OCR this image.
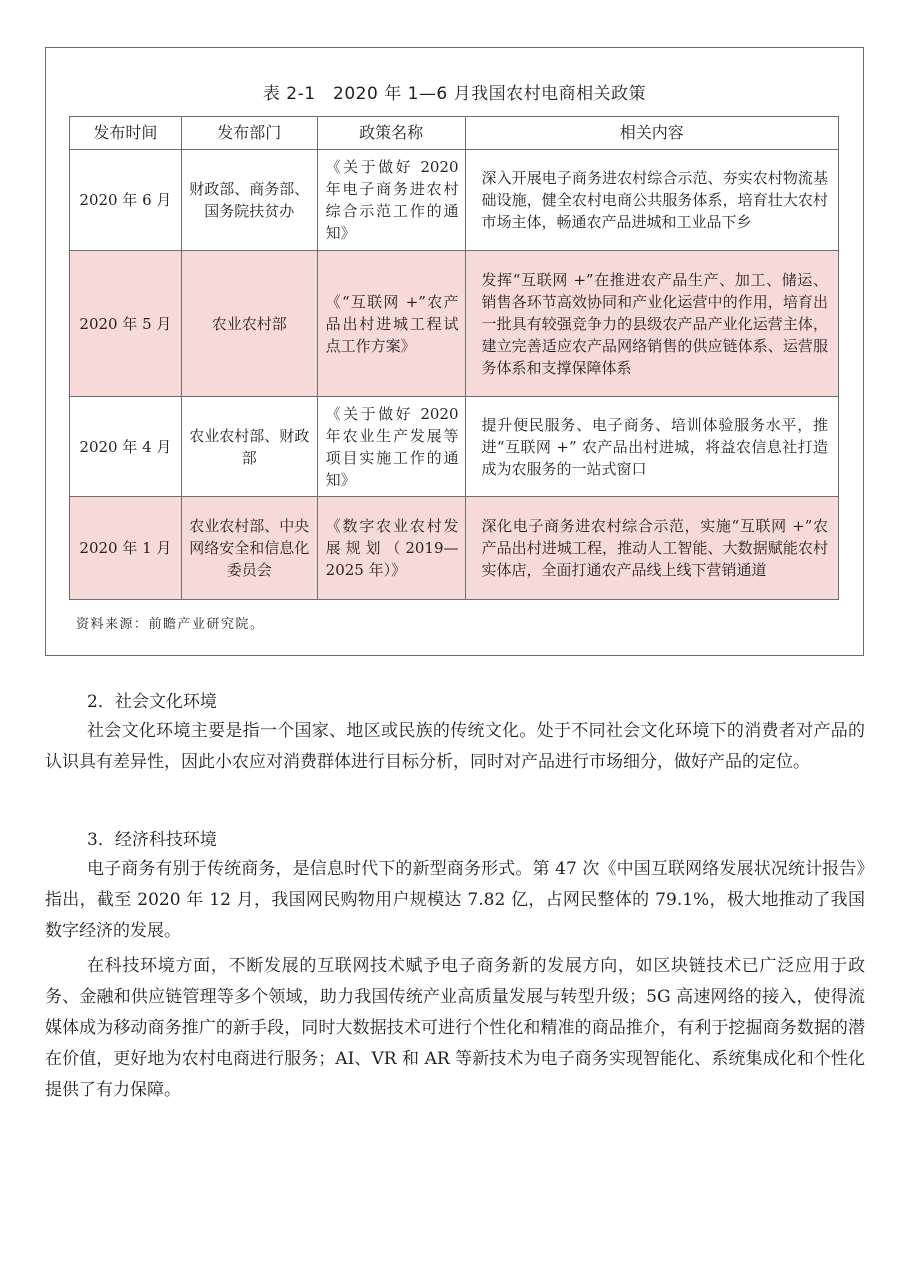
表 2-1　2020 年 1—6 月我国农村电商相关政策
发布时间	发布部门	政策名称	相关内容
2020 年 6 月	财政部、商务部、国务院扶贫办	《关于做好 2020 年电子商务进农村综合示范工作的通知》	深入开展电子商务进农村综合示范、夯实农村物流基础设施，健全农村电商公共服务体系，培育壮大农村市场主体，畅通农产品进城和工业品下乡
2020 年 5 月	农业农村部	《“互联网 +”农产品出村进城工程试点工作方案》	发挥“互联网 +”在推进农产品生产、加工、储运、销售各环节高效协同和产业化运营中的作用，培育出一批具有较强竞争力的县级农产品产业化运营主体，建立完善适应农产品网络销售的供应链体系、运营服务体系和支撑保障体系
2020 年 4 月	农业农村部、财政部	《关于做好 2020 年农业生产发展等项目实施工作的通知》	提升便民服务、电子商务、培训体验服务水平，推进“互联网 +” 农产品出村进城，将益农信息社打造成为农服务的一站式窗口
2020 年 1 月	农业农村部、中央网络安全和信息化委员会	《数字农业农村发展规划（2019—2025 年）》	深化电子商务进农村综合示范，实施“互联网 +”农产品出村进城工程，推动人工智能、大数据赋能农村实体店，全面打通农产品线上线下营销通道
资料来源：前瞻产业研究院。
2．社会文化环境

社会文化环境主要是指一个国家、地区或民族的传统文化。处于不同社会文化环境下的消费者对产品的认识具有差异性，因此小农应对消费群体进行目标分析，同时对产品进行市场细分，做好产品的定位。

3．经济科技环境

电子商务有别于传统商务，是信息时代下的新型商务形式。第 47 次《中国互联网络发展状况统计报告》指出，截至 2020 年 12 月，我国网民购物用户规模达 7.82 亿，占网民整体的 79.1%，极大地推动了我国数字经济的发展。

在科技环境方面，不断发展的互联网技术赋予电子商务新的发展方向，如区块链技术已广泛应用于政务、金融和供应链管理等多个领域，助力我国传统产业高质量发展与转型升级；5G 高速网络的接入，使得流媒体成为移动商务推广的新手段，同时大数据技术可进行个性化和精准的商品推介，有利于挖掘商务数据的潜在价值，更好地为农村电商进行服务；AI、VR 和 AR 等新技术为电子商务实现智能化、系统集成化和个性化提供了有力保障。
